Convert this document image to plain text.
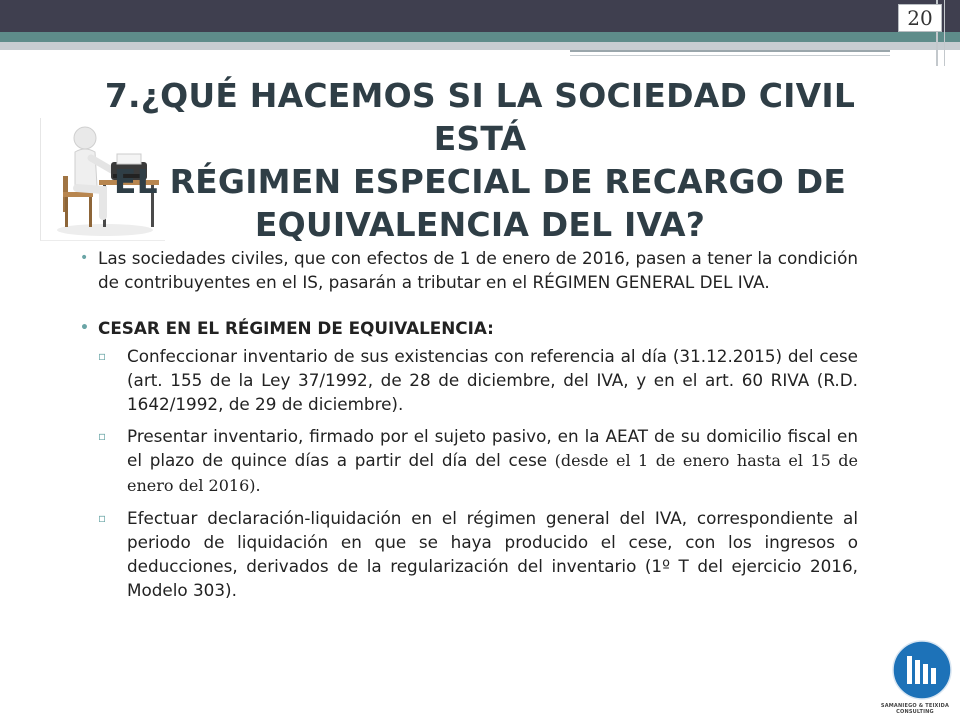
20
7.¿QUÉ HACEMOS SI LA SOCIEDAD CIVIL ESTÁ
EL RÉGIMEN ESPECIAL DE RECARGO DE
EQUIVALENCIA DEL IVA?

• Las sociedades civiles, que con efectos de 1 de enero de 2016, pasen a tener la condición de contribuyentes en el IS, pasarán a tributar en el RÉGIMEN GENERAL DEL IVA.

• CESAR EN EL RÉGIMEN DE EQUIVALENCIA:

▫ Confeccionar inventario de sus existencias con referencia al día (31.12.2015) del cese (art. 155 de la Ley 37/1992, de 28 de diciembre, del IVA, y en el art. 60 RIVA (R.D. 1642/1992, de 29 de diciembre).

▫ Presentar inventario, firmado por el sujeto pasivo, en la AEAT de su domicilio fiscal en el plazo de quince días a partir del día del cese (desde el 1 de enero hasta el 15 de enero del 2016).

▫ Efectuar declaración-liquidación en el régimen general del IVA, correspondiente al periodo de liquidación en que se haya producido el cese, con los ingresos o deducciones, derivados de la regularización del inventario (1º T del ejercicio 2016, Modelo 303).

SAMANIEGO & TEIXIDA CONSULTING
